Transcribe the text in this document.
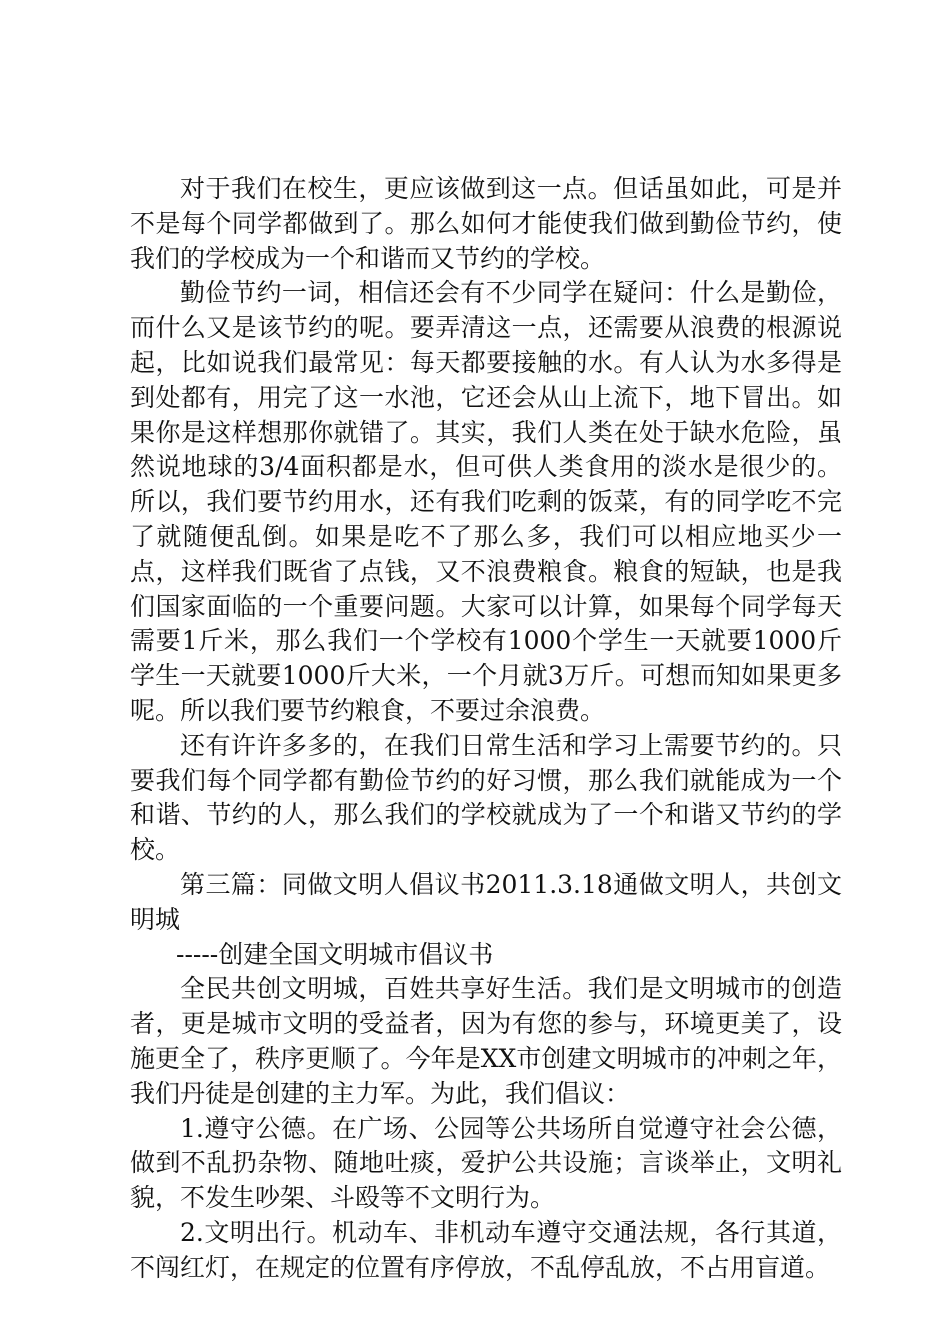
对于我们在校生，更应该做到这一点。但话虽如此，可是并不是每个同学都做到了。那么如何才能使我们做到勤俭节约，使我们的学校成为一个和谐而又节约的学校。

勤俭节约一词，相信还会有不少同学在疑问：什么是勤俭，而什么又是该节约的呢。要弄清这一点，还需要从浪费的根源说起，比如说我们最常见：每天都要接触的水。有人认为水多得是到处都有，用完了这一水池，它还会从山上流下，地下冒出。如果你是这样想那你就错了。其实，我们人类在处于缺水危险，虽然说地球的3/4面积都是水，但可供人类食用的淡水是很少的。所以，我们要节约用水，还有我们吃剩的饭菜，有的同学吃不完了就随便乱倒。如果是吃不了那么多，我们可以相应地买少一点，这样我们既省了点钱，又不浪费粮食。粮食的短缺，也是我们国家面临的一个重要问题。大家可以计算，如果每个同学每天需要1斤米，那么我们一个学校有1000个学生一天就要1000斤学生一天就要1000斤大米，一个月就3万斤。可想而知如果更多呢。所以我们要节约粮食，不要过余浪费。

还有许许多多的，在我们日常生活和学习上需要节约的。只要我们每个同学都有勤俭节约的好习惯，那么我们就能成为一个和谐、节约的人，那么我们的学校就成为了一个和谐又节约的学校。

第三篇：同做文明人倡议书2011.3.18通做文明人，共创文明城

-----创建全国文明城市倡议书

全民共创文明城，百姓共享好生活。我们是文明城市的创造者，更是城市文明的受益者，因为有您的参与，环境更美了，设施更全了，秩序更顺了。今年是XX市创建文明城市的冲刺之年，我们丹徒是创建的主力军。为此，我们倡议：

1.遵守公德。在广场、公园等公共场所自觉遵守社会公德，做到不乱扔杂物、随地吐痰，爱护公共设施；言谈举止，文明礼貌，不发生吵架、斗殴等不文明行为。

2.文明出行。机动车、非机动车遵守交通法规，各行其道，不闯红灯，在规定的位置有序停放，不乱停乱放，不占用盲道。
